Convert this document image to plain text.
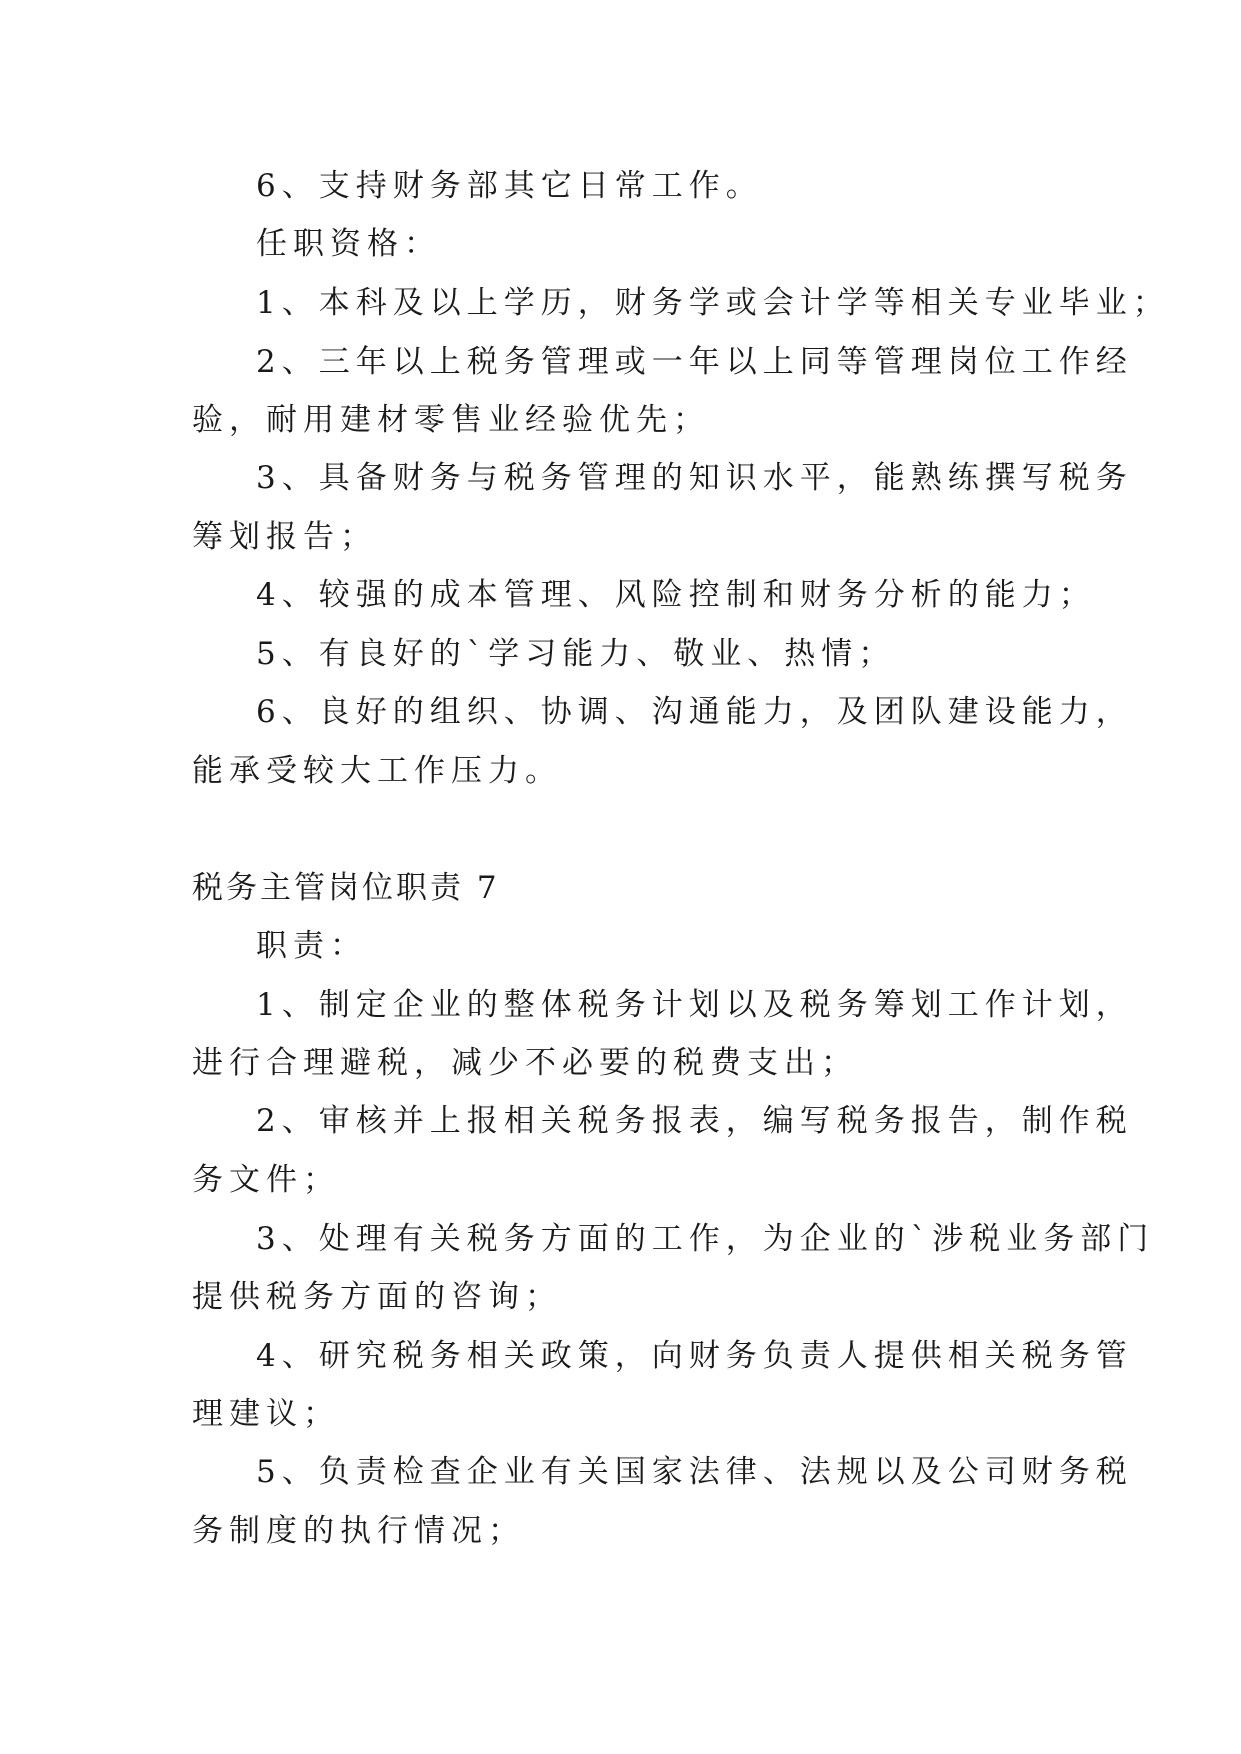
6、支持财务部其它日常工作。
任职资格：
1、本科及以上学历，财务学或会计学等相关专业毕业；
2、三年以上税务管理或一年以上同等管理岗位工作经
验，耐用建材零售业经验优先；
3、具备财务与税务管理的知识水平，能熟练撰写税务
筹划报告；
4、较强的成本管理、风险控制和财务分析的能力；
5、有良好的`学习能力、敬业、热情；
6、良好的组织、协调、沟通能力，及团队建设能力，
能承受较大工作压力。
税务主管岗位职责 7
职责：
1、制定企业的整体税务计划以及税务筹划工作计划，
进行合理避税，减少不必要的税费支出；
2、审核并上报相关税务报表，编写税务报告，制作税
务文件；
3、处理有关税务方面的工作，为企业的`涉税业务部门
提供税务方面的咨询；
4、研究税务相关政策，向财务负责人提供相关税务管
理建议；
5、负责检查企业有关国家法律、法规以及公司财务税
务制度的执行情况；
